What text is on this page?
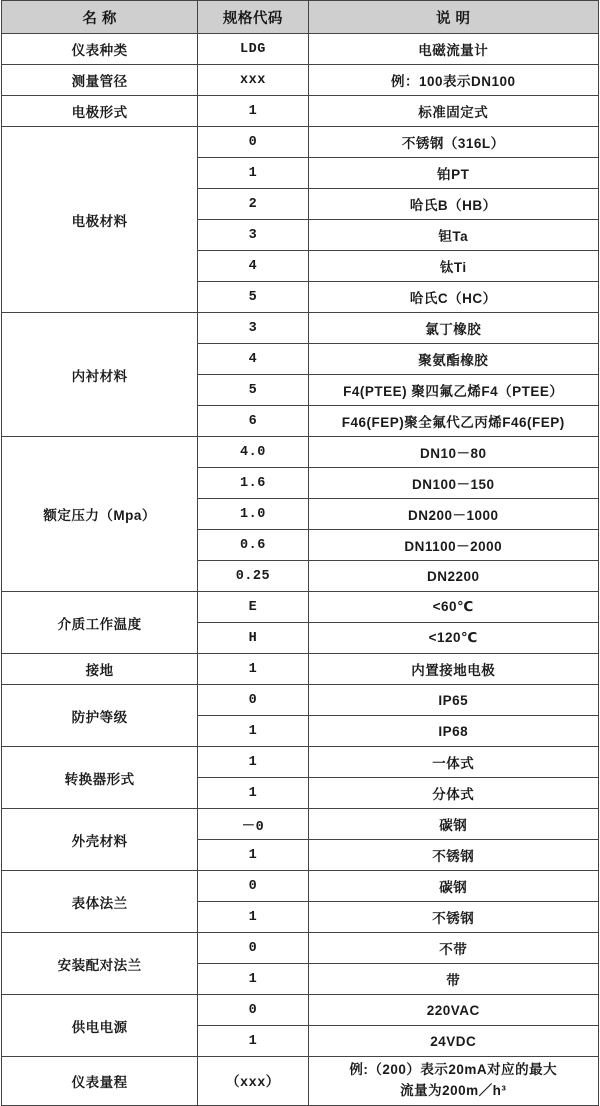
名 称	规格代码	说 明
仪表种类	LDG	电磁流量计
测量管径	xxx	例：100表示DN100
电极形式	1	标准固定式
电极材料	0	不锈钢（316L）
	1	铂PT
	2	哈氏B（HB）
	3	钽Ta
	4	钛Ti
	5	哈氏C（HC）
内衬材料	3	氯丁橡胶
	4	聚氨酯橡胶
	5	F4(PTEE) 聚四氟乙烯F4（PTEE）
	6	F46(FEP)聚全氟代乙丙烯F46(FEP)
额定压力（Mpa）	4.0	DN10－80
	1.6	DN100－150
	1.0	DN200－1000
	0.6	DN1100－2000
	0.25	DN2200
介质工作温度	E	<60℃
	H	<120℃
接地	1	内置接地电极
防护等级	0	IP65
	1	IP68
转换器形式	1	一体式
	1	分体式
外壳材料	－0	碳钢
	1	不锈钢
表体法兰	0	碳钢
	1	不锈钢
安装配对法兰	0	不带
	1	带
供电电源	0	220VAC
	1	24VDC
仪表量程	（xxx）	例:（200）表示20mA对应的最大
流量为200m／h³
